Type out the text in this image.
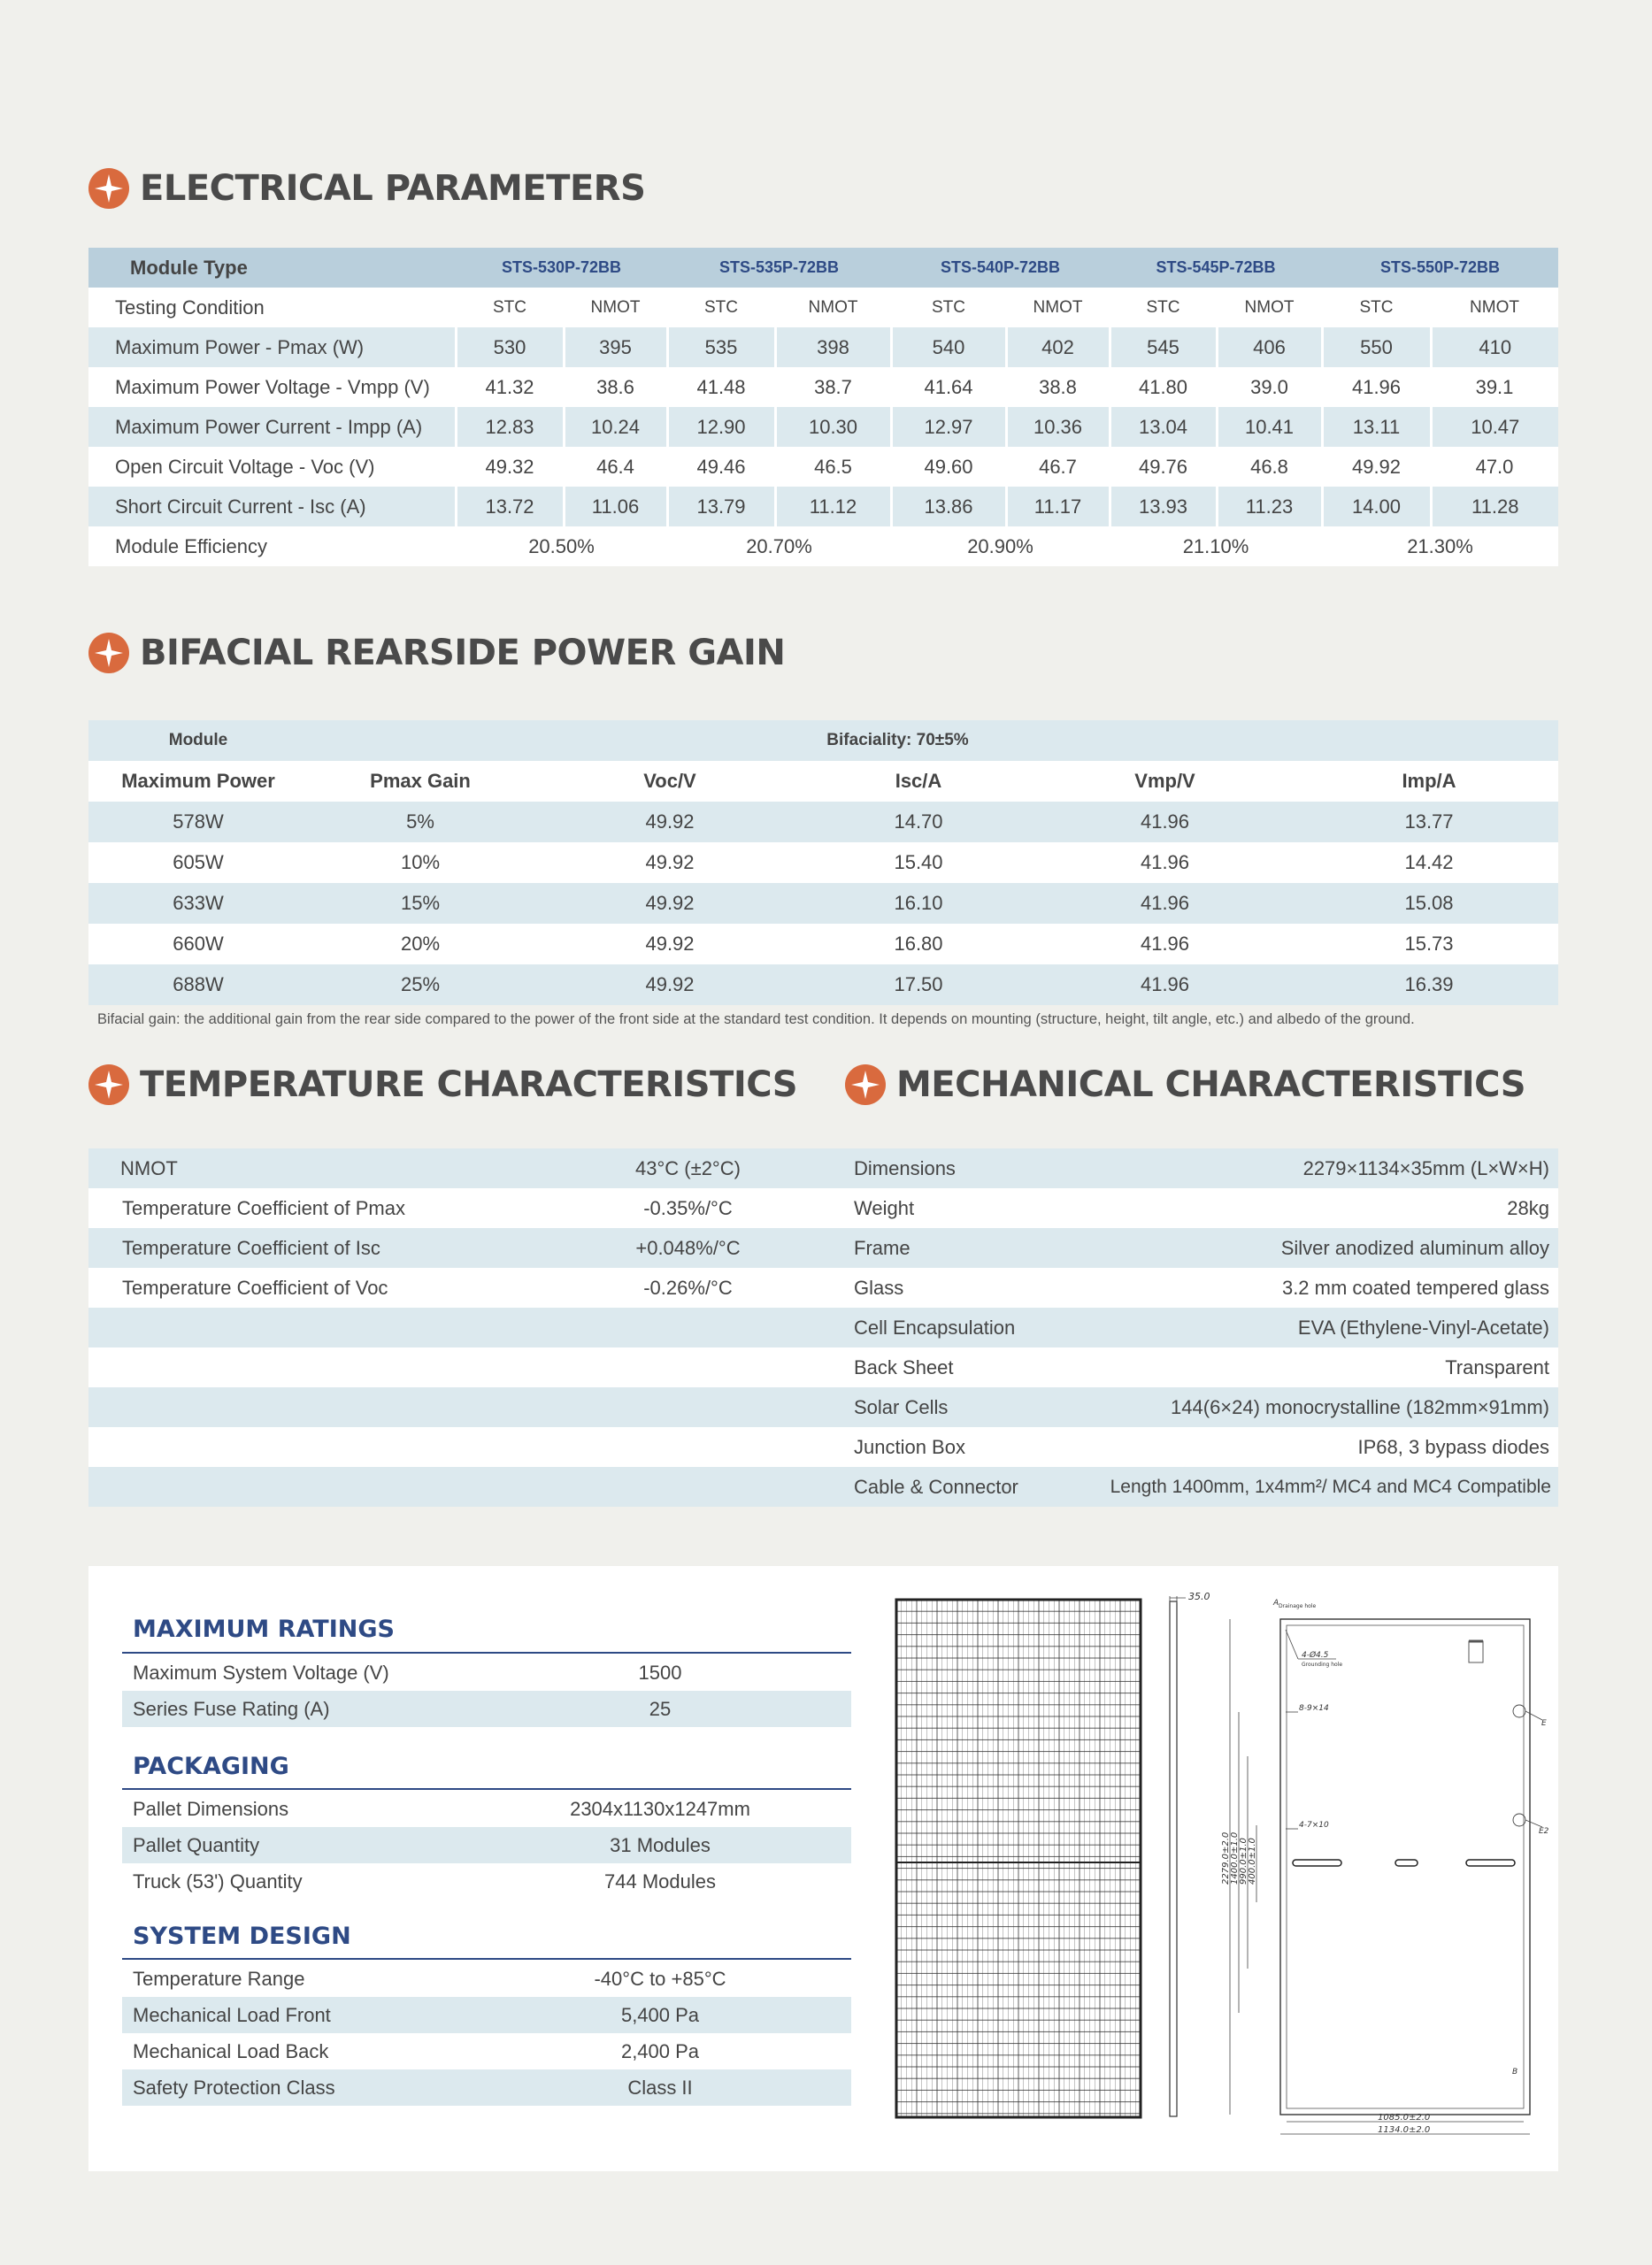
ELECTRICAL PARAMETERS
Module Type	STS-530P-72BB		STS-535P-72BB		STS-540P-72BB		STS-545P-72BB		STS-550P-72BB	
Testing Condition	STC	NMOT	STC	NMOT	STC	NMOT	STC	NMOT	STC	NMOT
Maximum Power - Pmax (W)	530	395	535	398	540	402	545	406	550	410
Maximum Power Voltage - Vmpp (V)	41.32	38.6	41.48	38.7	41.64	38.8	41.80	39.0	41.96	39.1
Maximum Power Current - Impp (A)	12.83	10.24	12.90	10.30	12.97	10.36	13.04	10.41	13.11	10.47
Open Circuit Voltage - Voc (V)	49.32	46.4	49.46	46.5	49.60	46.7	49.76	46.8	49.92	47.0
Short Circuit Current - Isc (A)	13.72	11.06	13.79	11.12	13.86	11.17	13.93	11.23	14.00	11.28
Module Efficiency	20.50%		20.70%		20.90%		21.10%		21.30%	
BIFACIAL REARSIDE POWER GAIN
Module	Bifaciality: 70±5%				
Maximum Power	Pmax Gain	Voc/V	Isc/A	Vmp/V	Imp/A
578W	5%	49.92	14.70	41.96	13.77
605W	10%	49.92	15.40	41.96	14.42
633W	15%	49.92	16.10	41.96	15.08
660W	20%	49.92	16.80	41.96	15.73
688W	25%	49.92	17.50	41.96	16.39
Bifacial gain: the additional gain from the rear side compared to the power of the front side at the standard test condition. It depends on mounting (structure, height, tilt angle, etc.) and albedo of the ground.
TEMPERATURE CHARACTERISTICS
NMOT	43°C (±2°C)
Temperature Coefficient of Pmax	-0.35%/°C
Temperature Coefficient of Isc	+0.048%/°C
Temperature Coefficient of Voc	-0.26%/°C

MECHANICAL CHARACTERISTICS
Dimensions	2279×1134×35mm (L×W×H)
Weight	28kg
Frame	Silver anodized aluminum alloy
Glass	3.2 mm coated tempered glass
Cell Encapsulation	EVA (Ethylene-Vinyl-Acetate)
Back Sheet	Transparent
Solar Cells	144(6×24) monocrystalline (182mm×91mm)
Junction Box	IP68, 3 bypass diodes
Cable & Connector	Length 1400mm, 1x4mm²/ MC4 and MC4 Compatible
MAXIMUM RATINGS
Maximum System Voltage (V)	1500
Series Fuse Rating (A)	25
PACKAGING
Pallet Dimensions	2304x1130x1247mm
Pallet Quantity	31 Modules
Truck (53') Quantity	744 Modules
SYSTEM DESIGN
Temperature Range	-40°C to +85°C
Mechanical Load Front	5,400 Pa
Mechanical Load Back	2,400 Pa
Safety Protection Class	Class II
35.0
E
E2
4-Ø4.5
Grounding hole
Drainage hole
8-9×14
4-7×10
A
B
2279.0±2.0 1400.0±1.0 990.0±1.0 400.0±1.0
1085.0±2.0
1134.0±2.0
